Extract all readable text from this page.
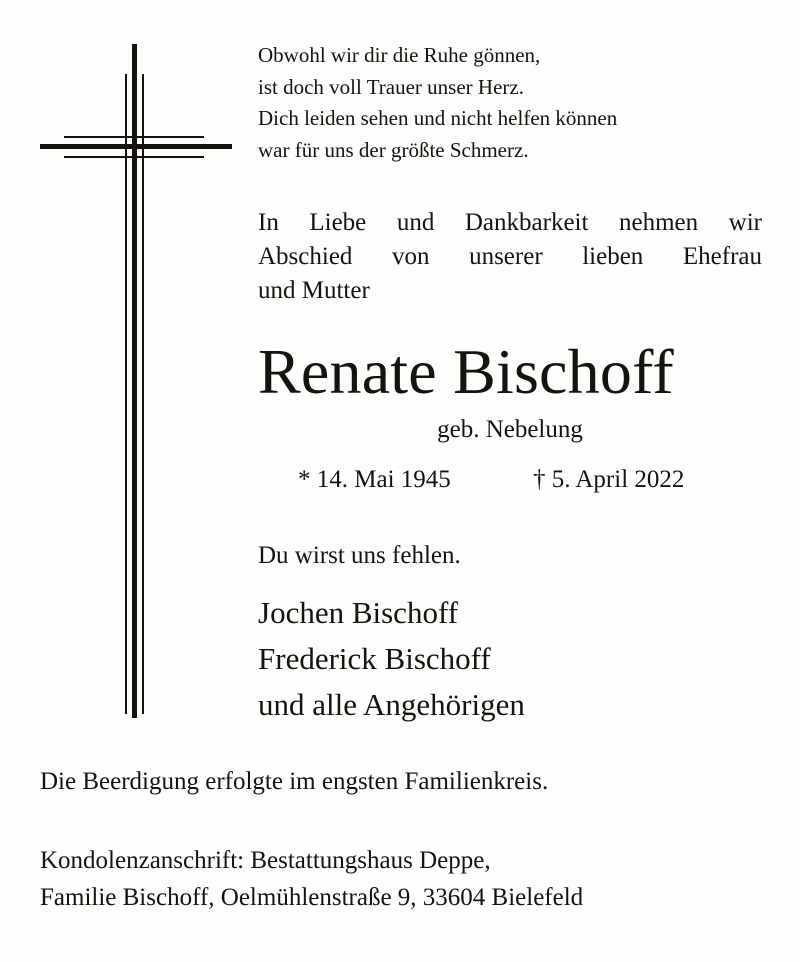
Obwohl wir dir die Ruhe gönnen,
ist doch voll Trauer unser Herz.
Dich leiden sehen und nicht helfen können
war für uns der größte Schmerz.
In Liebe und Dankbarkeit nehmen wir
Abschied von unserer lieben Ehefrau
und Mutter
Renate Bischoff
geb. Nebelung
* 14. Mai 1945	† 5. April 2022
Du wirst uns fehlen.
Jochen Bischoff
Frederick Bischoff
und alle Angehörigen
Die Beerdigung erfolgte im engsten Familienkreis.
Kondolenzanschrift: Bestattungshaus Deppe,
Familie Bischoff, Oelmühlenstraße 9, 33604 Bielefeld
